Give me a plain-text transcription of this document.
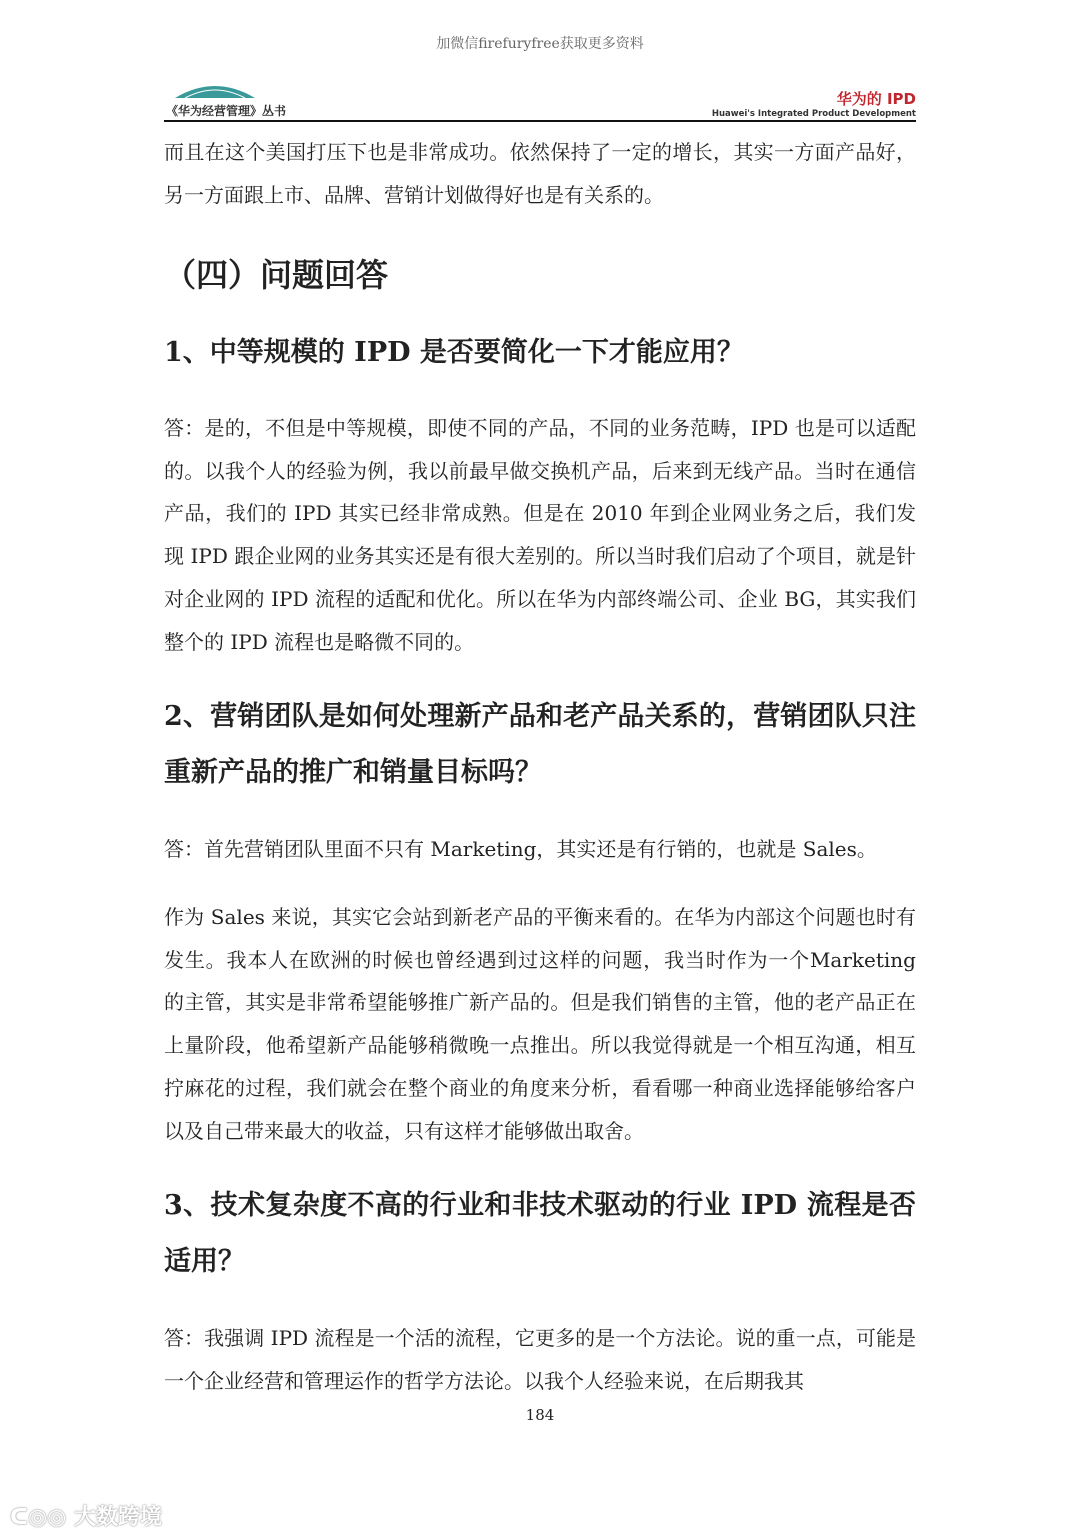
加微信firefuryfree获取更多资料
《华为经营管理》丛书
华为的 IPD
Huawei's Integrated Product Development
而且在这个美国打压下也是非常成功。依然保持了一定的增长，其实一方面产品好，另一方面跟上市、品牌、营销计划做得好也是有关系的。
（四）问题回答
1、中等规模的 IPD 是否要简化一下才能应用？
答：是的，不但是中等规模，即使不同的产品，不同的业务范畴，IPD 也是可以适配的。以我个人的经验为例，我以前最早做交换机产品，后来到无线产品。当时在通信产品，我们的 IPD 其实已经非常成熟。但是在 2010 年到企业网业务之后，我们发现 IPD 跟企业网的业务其实还是有很大差别的。所以当时我们启动了个项目，就是针对企业网的 IPD 流程的适配和优化。所以在华为内部终端公司、企业 BG，其实我们整个的 IPD 流程也是略微不同的。
2、营销团队是如何处理新产品和老产品关系的，营销团队只注重新产品的推广和销量目标吗？
答：首先营销团队里面不只有 Marketing，其实还是有行销的，也就是 Sales。
作为 Sales 来说，其实它会站到新老产品的平衡来看的。在华为内部这个问题也时有发生。我本人在欧洲的时候也曾经遇到过这样的问题，我当时作为一个Marketing 的主管，其实是非常希望能够推广新产品的。但是我们销售的主管，他的老产品正在上量阶段，他希望新产品能够稍微晚一点推出。所以我觉得就是一个相互沟通，相互拧麻花的过程，我们就会在整个商业的角度来分析，看看哪一种商业选择能够给客户以及自己带来最大的收益，只有这样才能够做出取舍。
3、技术复杂度不高的行业和非技术驱动的行业 IPD 流程是否适用？
答：我强调 IPD 流程是一个活的流程，它更多的是一个方法论。说的重一点，可能是一个企业经营和管理运作的哲学方法论。以我个人经验来说，在后期我其
184
ᑕ◎◎ 大数跨境
